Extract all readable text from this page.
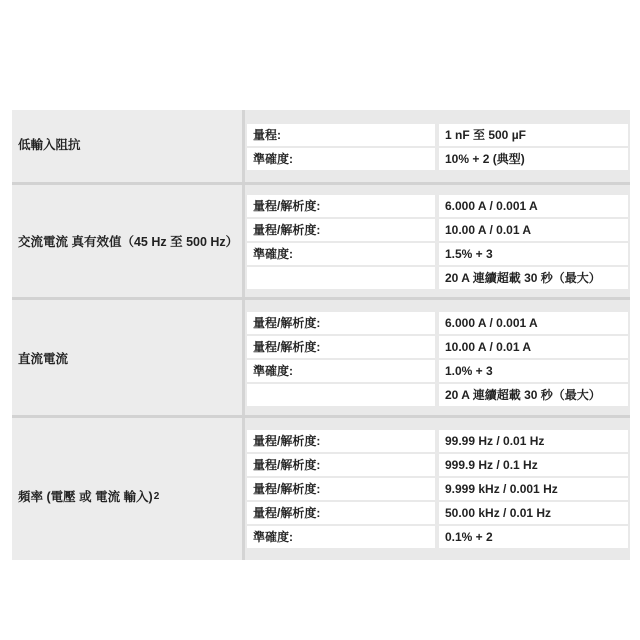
低輸入阻抗
量程:	1 nF 至 500 µF
準確度:	10% + 2 (典型)
交流電流 真有效值（45 Hz 至 500 Hz）
量程/解析度:	6.000 A / 0.001 A
量程/解析度:	10.00 A / 0.01 A
準確度:	1.5% + 3
20 A 連續超載 30 秒（最大）
直流電流
量程/解析度:	6.000 A / 0.001 A
量程/解析度:	10.00 A / 0.01 A
準確度:	1.0% + 3
20 A 連續超載 30 秒（最大）
頻率 (電壓 或 電流 輸入) 2
量程/解析度:	99.99 Hz / 0.01 Hz
量程/解析度:	999.9 Hz / 0.1 Hz
量程/解析度:	9.999 kHz / 0.001 Hz
量程/解析度:	50.00 kHz / 0.01 Hz
準確度:	0.1% + 2
